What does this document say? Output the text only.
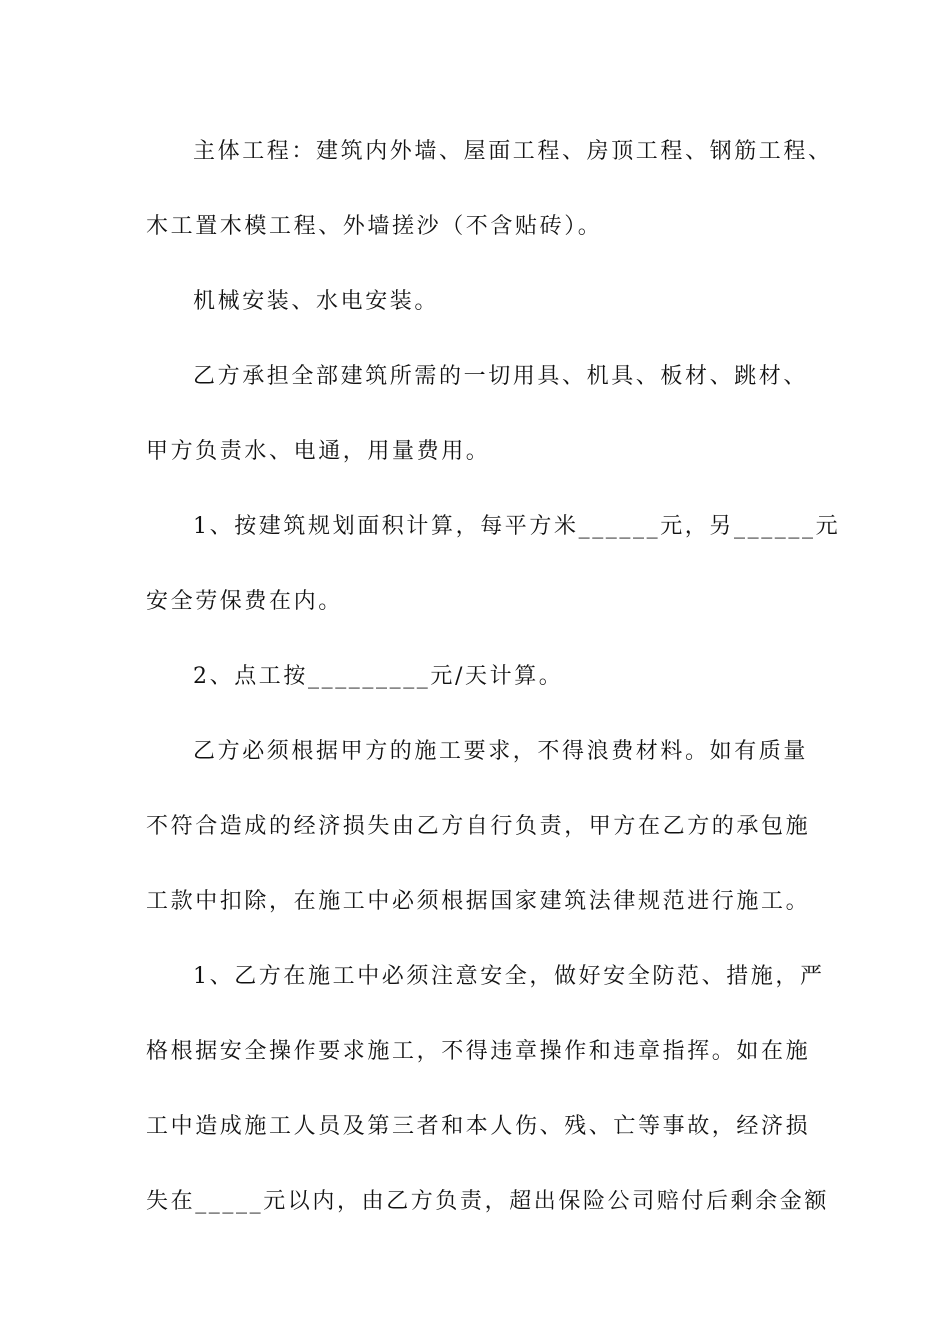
主体工程：建筑内外墙、屋面工程、房顶工程、钢筋工程、
木工置木模工程、外墙搓沙（不含贴砖）。
机械安装、水电安装。
乙方承担全部建筑所需的一切用具、机具、板材、跳材、
甲方负责水、电通，用量费用。
1、按建筑规划面积计算，每平方米______元，另______元
安全劳保费在内。
2、点工按_________元/天计算。
乙方必须根据甲方的施工要求，不得浪费材料。如有质量
不符合造成的经济损失由乙方自行负责，甲方在乙方的承包施
工款中扣除，在施工中必须根据国家建筑法律规范进行施工。
1、乙方在施工中必须注意安全，做好安全防范、措施，严
格根据安全操作要求施工，不得违章操作和违章指挥。如在施
工中造成施工人员及第三者和本人伤、残、亡等事故，经济损
失在_____元以内，由乙方负责，超出保险公司赔付后剩余金额
